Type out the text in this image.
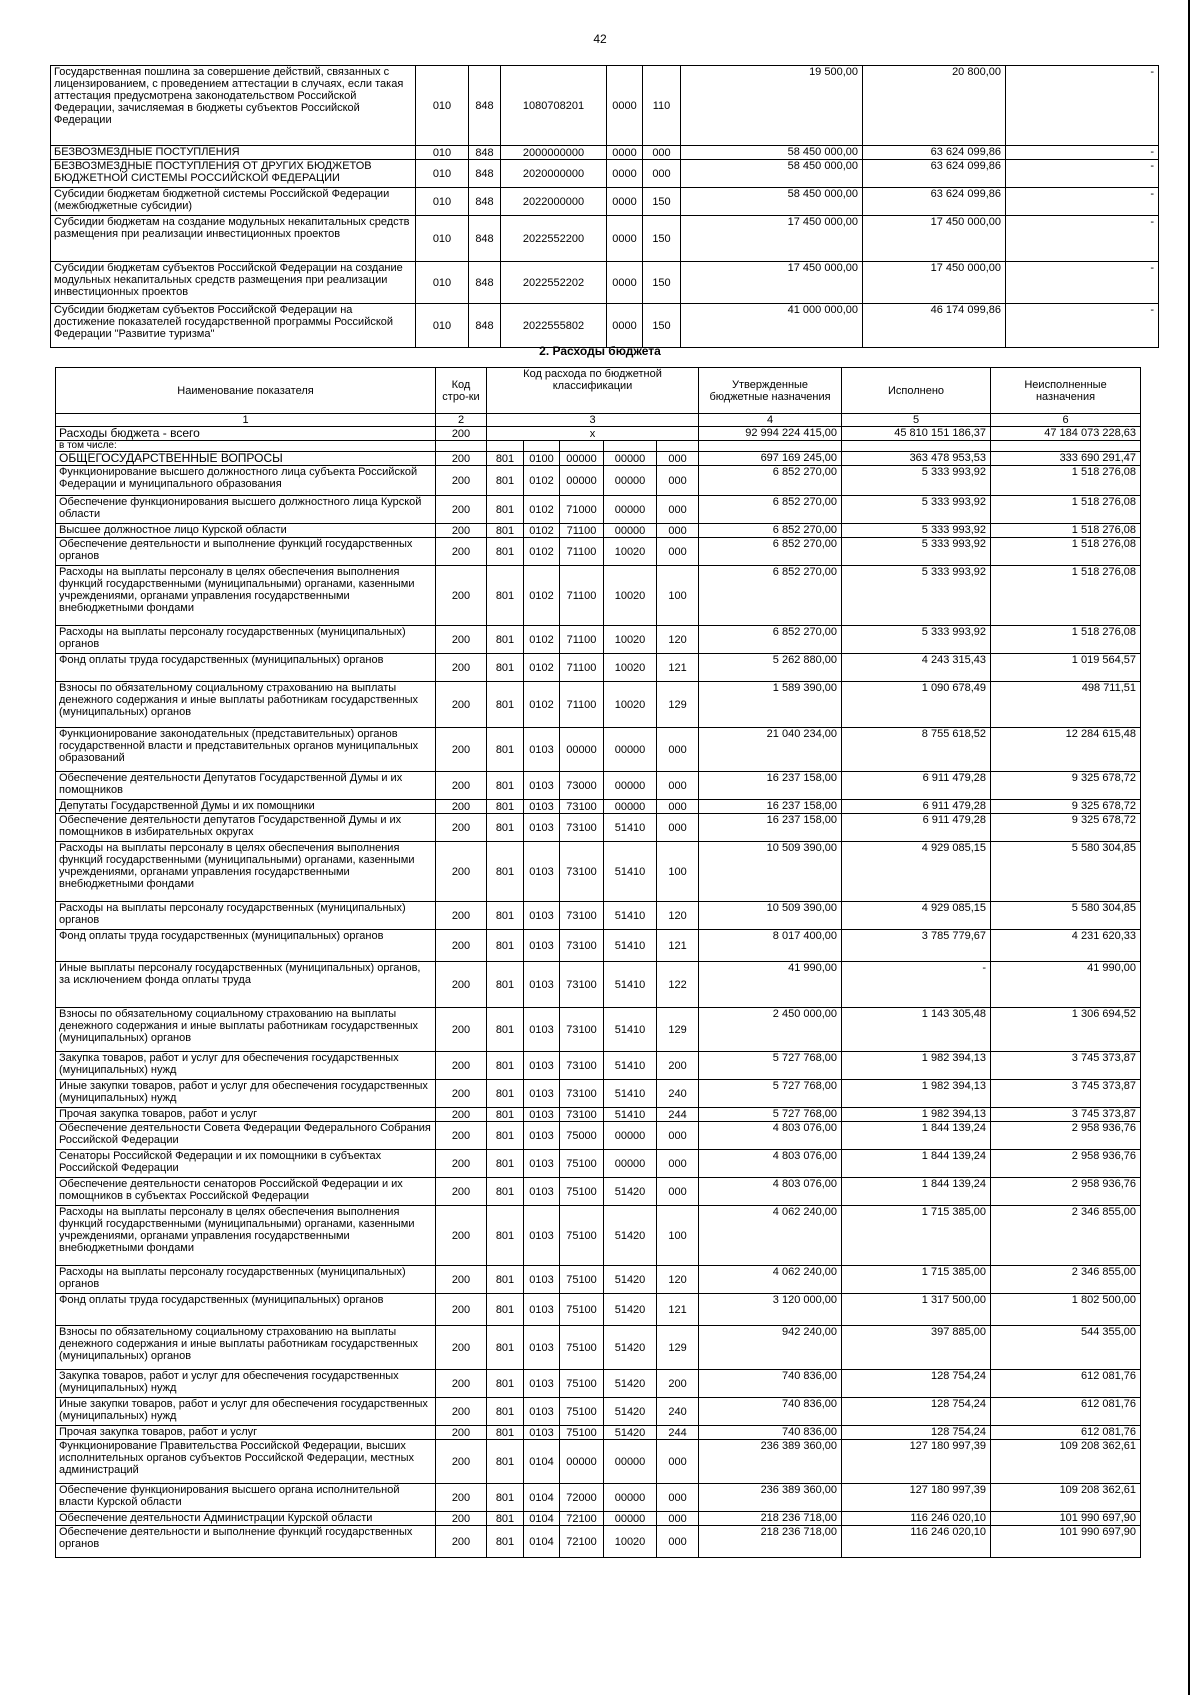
42
Государственная пошлина за совершение действий, связанных с лицензированием, с проведением аттестации в случаях, если такая аттестация предусмотрена законодательством Российской Федерации, зачисляемая в бюджеты субъектов Российской Федерации	010	848	1080708201	0000	110	19 500,00	20 800,00	-
БЕЗВОЗМЕЗДНЫЕ ПОСТУПЛЕНИЯ	010	848	2000000000	0000	000	58 450 000,00	63 624 099,86	-
БЕЗВОЗМЕЗДНЫЕ ПОСТУПЛЕНИЯ ОТ ДРУГИХ БЮДЖЕТОВ БЮДЖЕТНОЙ СИСТЕМЫ РОССИЙСКОЙ ФЕДЕРАЦИИ	010	848	2020000000	0000	000	58 450 000,00	63 624 099,86	-
Субсидии бюджетам бюджетной системы Российской Федерации (межбюджетные субсидии)	010	848	2022000000	0000	150	58 450 000,00	63 624 099,86	-
Субсидии бюджетам на создание модульных некапитальных средств размещения при реализации инвестиционных проектов	010	848	2022552200	0000	150	17 450 000,00	17 450 000,00	-
Субсидии бюджетам субъектов Российской Федерации на создание модульных некапитальных средств размещения при реализации инвестиционных проектов	010	848	2022552202	0000	150	17 450 000,00	17 450 000,00	-
Субсидии бюджетам субъектов Российской Федерации на достижение показателей государственной программы Российской Федерации "Развитие туризма"	010	848	2022555802	0000	150	41 000 000,00	46 174 099,86	-
2. Расходы бюджета
Наименование показателя	Код стро-ки	Код расхода по бюджетной классификации					Утвержденные бюджетные назначения	Исполнено	Неисполненные назначения
1	2	3					4	5	6
Расходы бюджета - всего	200	x					92 994 224 415,00	45 810 151 186,37	47 184 073 228,63
в том числе:									
ОБЩЕГОСУДАРСТВЕННЫЕ ВОПРОСЫ	200	801	0100	00000	00000	000	697 169 245,00	363 478 953,53	333 690 291,47
Функционирование высшего должностного лица субъекта Российской Федерации и муниципального образования	200	801	0102	00000	00000	000	6 852 270,00	5 333 993,92	1 518 276,08
Обеспечение функционирования высшего должностного лица Курской области	200	801	0102	71000	00000	000	6 852 270,00	5 333 993,92	1 518 276,08
Высшее должностное лицо Курской области	200	801	0102	71100	00000	000	6 852 270,00	5 333 993,92	1 518 276,08
Обеспечение деятельности и выполнение функций государственных органов	200	801	0102	71100	10020	000	6 852 270,00	5 333 993,92	1 518 276,08
Расходы на выплаты персоналу в целях обеспечения выполнения функций государственными (муниципальными) органами, казенными учреждениями, органами управления государственными внебюджетными фондами	200	801	0102	71100	10020	100	6 852 270,00	5 333 993,92	1 518 276,08
Расходы на выплаты персоналу государственных (муниципальных) органов	200	801	0102	71100	10020	120	6 852 270,00	5 333 993,92	1 518 276,08
Фонд оплаты труда государственных (муниципальных) органов	200	801	0102	71100	10020	121	5 262 880,00	4 243 315,43	1 019 564,57
Взносы по обязательному социальному страхованию на выплаты денежного содержания и иные выплаты работникам государственных (муниципальных) органов	200	801	0102	71100	10020	129	1 589 390,00	1 090 678,49	498 711,51
Функционирование законодательных (представительных) органов государственной власти и представительных органов муниципальных образований	200	801	0103	00000	00000	000	21 040 234,00	8 755 618,52	12 284 615,48
Обеспечение деятельности Депутатов Государственной Думы и их помощников	200	801	0103	73000	00000	000	16 237 158,00	6 911 479,28	9 325 678,72
Депутаты Государственной Думы и их помощники	200	801	0103	73100	00000	000	16 237 158,00	6 911 479,28	9 325 678,72
Обеспечение деятельности депутатов Государственной Думы и их помощников в избирательных округах	200	801	0103	73100	51410	000	16 237 158,00	6 911 479,28	9 325 678,72
Расходы на выплаты персоналу в целях обеспечения выполнения функций государственными (муниципальными) органами, казенными учреждениями, органами управления государственными внебюджетными фондами	200	801	0103	73100	51410	100	10 509 390,00	4 929 085,15	5 580 304,85
Расходы на выплаты персоналу государственных (муниципальных) органов	200	801	0103	73100	51410	120	10 509 390,00	4 929 085,15	5 580 304,85
Фонд оплаты труда государственных (муниципальных) органов	200	801	0103	73100	51410	121	8 017 400,00	3 785 779,67	4 231 620,33
Иные выплаты персоналу государственных (муниципальных) органов, за исключением фонда оплаты труда	200	801	0103	73100	51410	122	41 990,00	-	41 990,00
Взносы по обязательному социальному страхованию на выплаты денежного содержания и иные выплаты работникам государственных (муниципальных) органов	200	801	0103	73100	51410	129	2 450 000,00	1 143 305,48	1 306 694,52
Закупка товаров, работ и услуг для обеспечения государственных (муниципальных) нужд	200	801	0103	73100	51410	200	5 727 768,00	1 982 394,13	3 745 373,87
Иные закупки товаров, работ и услуг для обеспечения государственных (муниципальных) нужд	200	801	0103	73100	51410	240	5 727 768,00	1 982 394,13	3 745 373,87
Прочая закупка товаров, работ и услуг	200	801	0103	73100	51410	244	5 727 768,00	1 982 394,13	3 745 373,87
Обеспечение деятельности Совета Федерации Федерального Собрания Российской Федерации	200	801	0103	75000	00000	000	4 803 076,00	1 844 139,24	2 958 936,76
Сенаторы Российской Федерации и их помощники в субъектах Российской Федерации	200	801	0103	75100	00000	000	4 803 076,00	1 844 139,24	2 958 936,76
Обеспечение деятельности сенаторов Российской Федерации и их помощников в субъектах Российской Федерации	200	801	0103	75100	51420	000	4 803 076,00	1 844 139,24	2 958 936,76
Расходы на выплаты персоналу в целях обеспечения выполнения функций государственными (муниципальными) органами, казенными учреждениями, органами управления государственными внебюджетными фондами	200	801	0103	75100	51420	100	4 062 240,00	1 715 385,00	2 346 855,00
Расходы на выплаты персоналу государственных (муниципальных) органов	200	801	0103	75100	51420	120	4 062 240,00	1 715 385,00	2 346 855,00
Фонд оплаты труда государственных (муниципальных) органов	200	801	0103	75100	51420	121	3 120 000,00	1 317 500,00	1 802 500,00
Взносы по обязательному социальному страхованию на выплаты денежного содержания и иные выплаты работникам государственных (муниципальных) органов	200	801	0103	75100	51420	129	942 240,00	397 885,00	544 355,00
Закупка товаров, работ и услуг для обеспечения государственных (муниципальных) нужд	200	801	0103	75100	51420	200	740 836,00	128 754,24	612 081,76
Иные закупки товаров, работ и услуг для обеспечения государственных (муниципальных) нужд	200	801	0103	75100	51420	240	740 836,00	128 754,24	612 081,76
Прочая закупка товаров, работ и услуг	200	801	0103	75100	51420	244	740 836,00	128 754,24	612 081,76
Функционирование Правительства Российской Федерации, высших исполнительных органов субъектов Российской Федерации, местных администраций	200	801	0104	00000	00000	000	236 389 360,00	127 180 997,39	109 208 362,61
Обеспечение функционирования высшего органа исполнительной власти Курской области	200	801	0104	72000	00000	000	236 389 360,00	127 180 997,39	109 208 362,61
Обеспечение деятельности Администрации Курской области	200	801	0104	72100	00000	000	218 236 718,00	116 246 020,10	101 990 697,90
Обеспечение деятельности и выполнение функций государственных органов	200	801	0104	72100	10020	000	218 236 718,00	116 246 020,10	101 990 697,90
